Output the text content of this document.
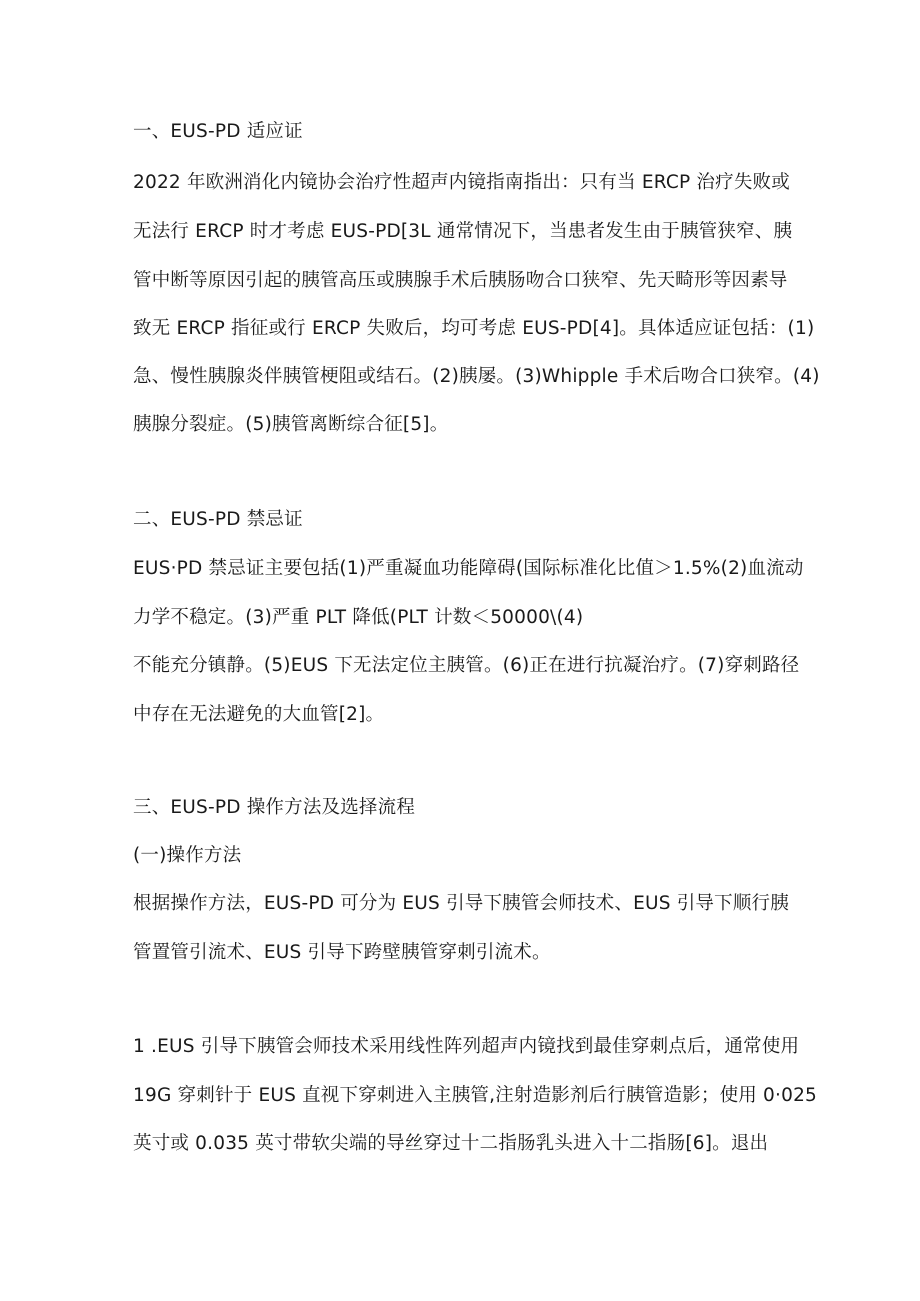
一、EUS-PD 适应证
2022 年欧洲消化内镜协会治疗性超声内镜指南指出：只有当 ERCP 治疗失败或
无法行 ERCP 时才考虑 EUS-PD[3L 通常情况下，当患者发生由于胰管狭窄、胰
管中断等原因引起的胰管高压或胰腺手术后胰肠吻合口狭窄、先天畸形等因素导
致无 ERCP 指征或行 ERCP 失败后，均可考虑 EUS-PD[4]。具体适应证包括：(1)
急、慢性胰腺炎伴胰管梗阻或结石。(2)胰屡。(3)Whipple 手术后吻合口狭窄。(4)
胰腺分裂症。(5)胰管离断综合征[5]。
二、EUS-PD 禁忌证
EUS·PD 禁忌证主要包括(1)严重凝血功能障碍(国际标准化比值＞1.5%(2)血流动
力学不稳定。(3)严重 PLT 降低(PLT 计数＜50000\(4)
不能充分镇静。(5)EUS 下无法定位主胰管。(6)正在进行抗凝治疗。(7)穿刺路径
中存在无法避免的大血管[2]。
三、EUS-PD 操作方法及选择流程
(一)操作方法
根据操作方法，EUS-PD 可分为 EUS 引导下胰管会师技术、EUS 引导下顺行胰
管置管引流术、EUS 引导下跨壁胰管穿刺引流术。
1 .EUS 引导下胰管会师技术采用线性阵列超声内镜找到最佳穿刺点后，通常使用
19G 穿刺针于 EUS 直视下穿刺进入主胰管,注射造影剂后行胰管造影；使用 0·025
英寸或 0.035 英寸带软尖端的导丝穿过十二指肠乳头进入十二指肠[6]。退出
